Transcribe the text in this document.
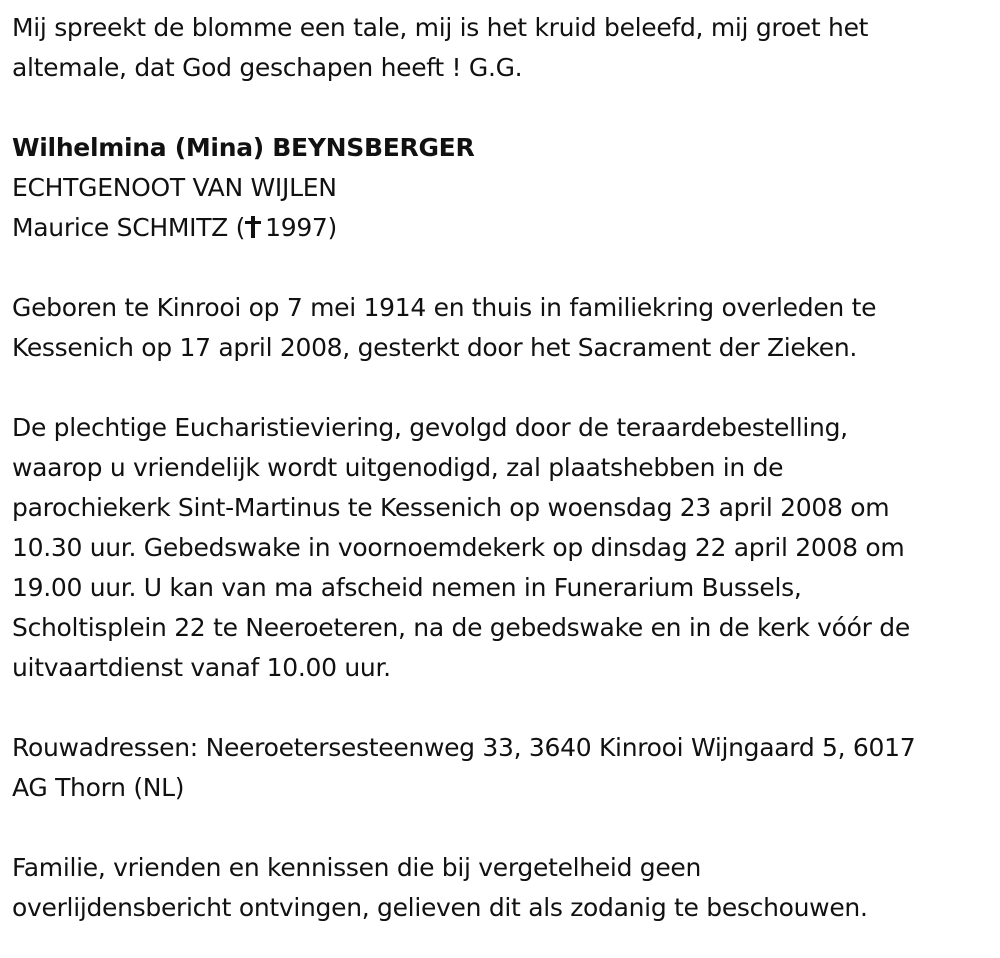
Mij spreekt de blomme een tale, mij is het kruid beleefd, mij groet het
altemale, dat God geschapen heeft ! G.G.

Wilhelmina (Mina) BEYNSBERGER
ECHTGENOOT VAN WIJLEN
Maurice SCHMITZ ( 1997)

Geboren te Kinrooi op 7 mei 1914 en thuis in familiekring overleden te
Kessenich op 17 april 2008, gesterkt door het Sacrament der Zieken.

De plechtige Eucharistieviering, gevolgd door de teraardebestelling,
waarop u vriendelijk wordt uitgenodigd, zal plaatshebben in de
parochiekerk Sint-Martinus te Kessenich op woensdag 23 april 2008 om
10.30 uur. Gebedswake in voornoemdekerk op dinsdag 22 april 2008 om
19.00 uur. U kan van ma afscheid nemen in Funerarium Bussels,
Scholtisplein 22 te Neeroeteren, na de gebedswake en in de kerk vóór de
uitvaartdienst vanaf 10.00 uur.

Rouwadressen: Neeroetersesteenweg 33, 3640 Kinrooi Wijngaard 5, 6017
AG Thorn (NL)

Familie, vrienden en kennissen die bij vergetelheid geen
overlijdensbericht ontvingen, gelieven dit als zodanig te beschouwen.
